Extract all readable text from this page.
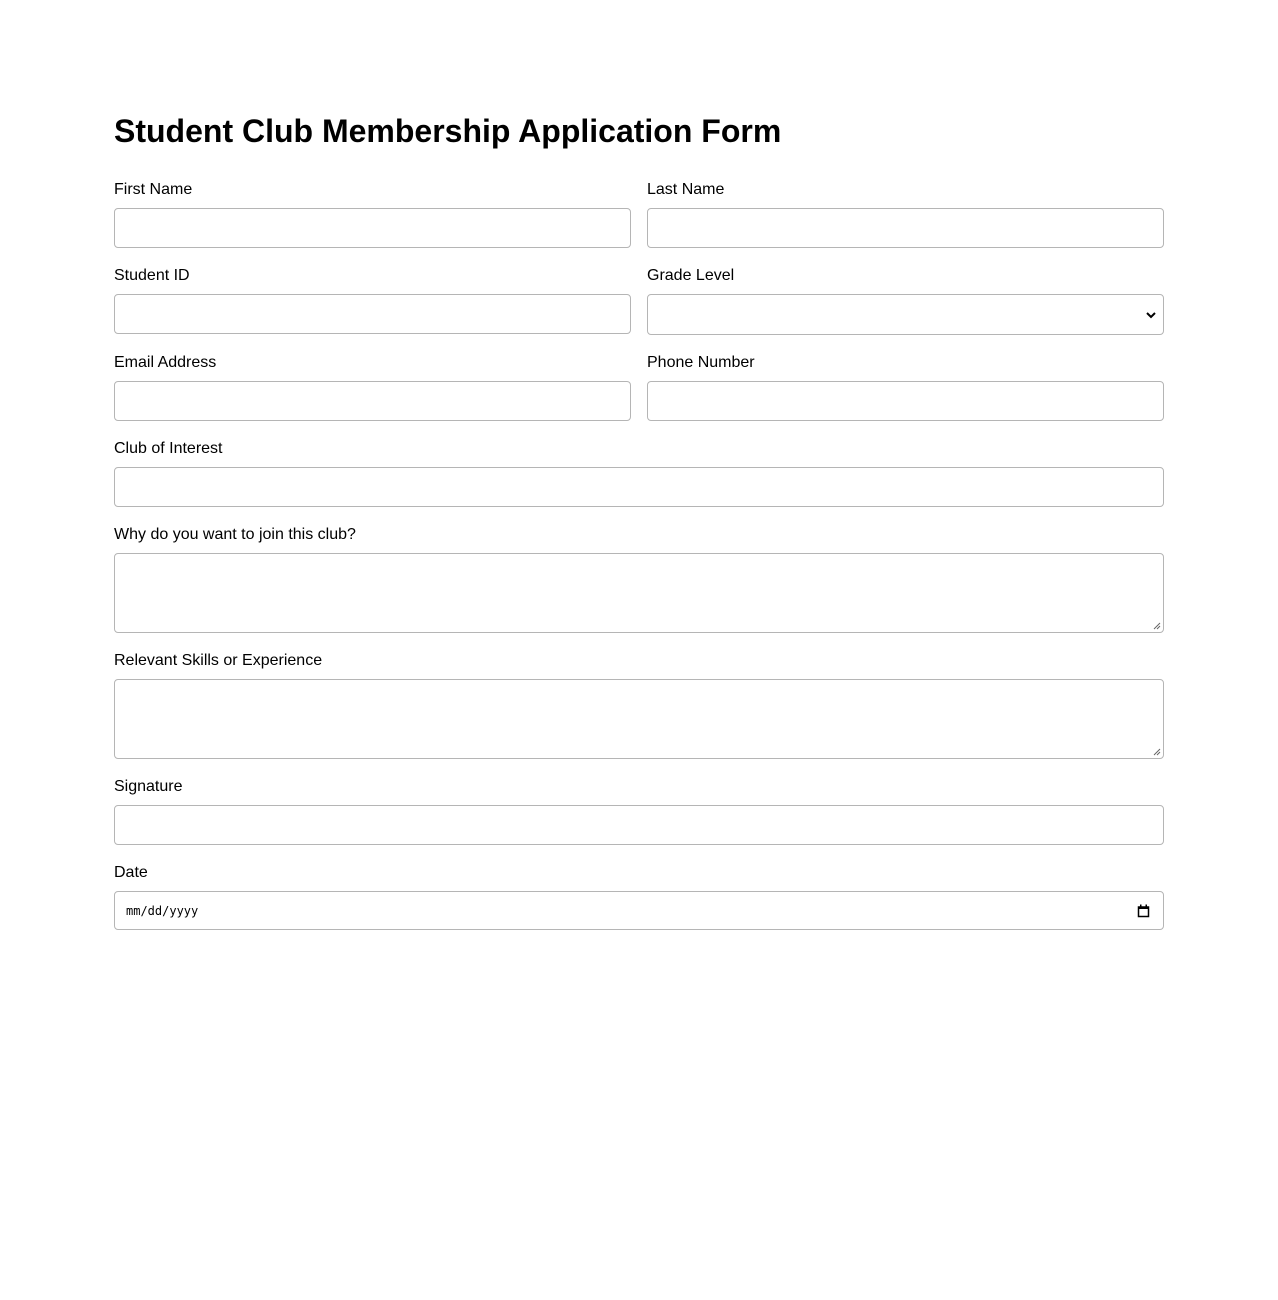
Student Club Membership Application Form
First Name	Last Name
Student ID	Grade Level
Email Address	Phone Number
Club of Interest
Why do you want to join this club?
Relevant Skills or Experience
Signature
Date
mm/dd/yyyy
